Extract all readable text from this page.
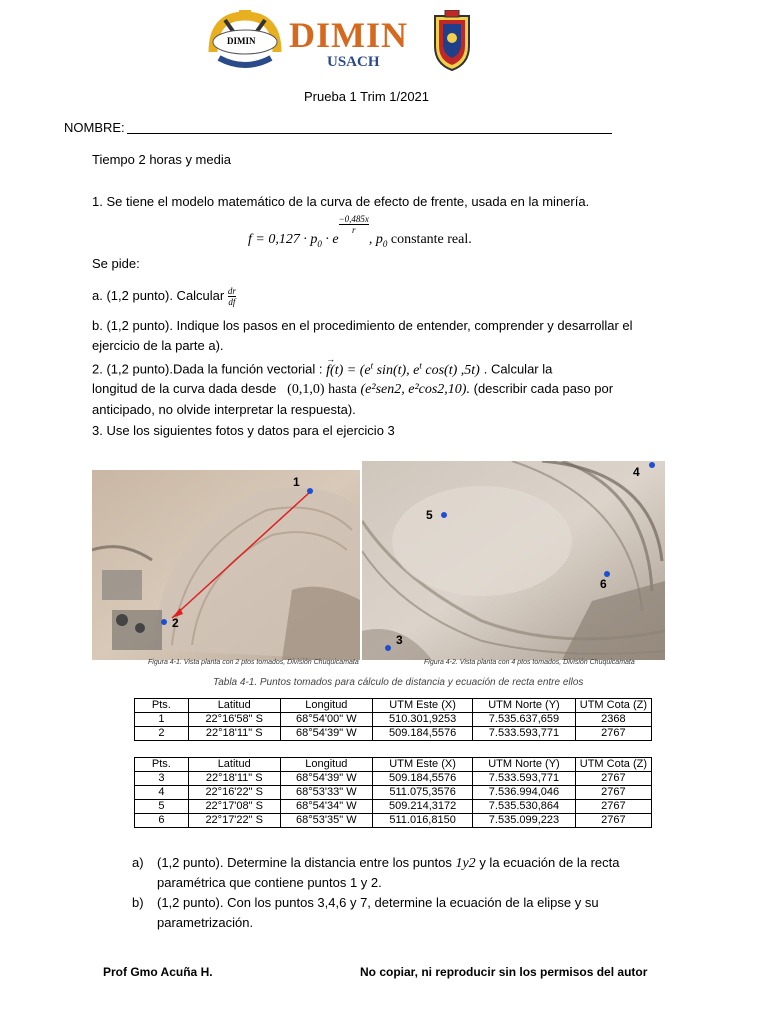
DIMIN DIMIN
USACH
Prueba 1 Trim 1/2021
NOMBRE:
Tiempo 2 horas y media
1. Se tiene el modelo matemático de la curva de efecto de frente, usada en la minería.
$f = 0,127 \cdot p_0 \cdot e$
$\frac{-0,485x}{r}$
, $p_0$ constante real.
Se pide:
a. (1,2 punto). Calcular $\frac{dr}{df}$
b. (1,2 punto). Indique los pasos en el procedimiento de entender, comprender y desarrollar el
ejercicio de la parte a).
2. (1,2 punto).Dada la función vectorial :
→
$f(t) = (e^t$ sin(t), $e^t$ cos(t) ,5t) . Calcular la
longitud de la curva dada desde (0,1,0) hasta (e²sen2, e²cos2,10). (describir cada paso por
anticipado, no olvide interpretar la respuesta).
3. Use los siguientes fotos y datos para el ejercicio 3
1
2
Figura 4-1. Vista planta con 2 ptos tomados, División Chuquicamata
4
5
6
3
Figura 4-2. Vista planta con 4 ptos tomados, División Chuquicamata
Tabla 4-1. Puntos tomados para cálculo de distancia y ecuación de recta entre ellos
Pts.	Latitud	Longitud	UTM Este (X)	UTM Norte (Y)	UTM Cota (Z)
1	22°16'58" S	68°54'00" W	510.301,9253	7.535.637,659	2368
2	22°18'11" S	68°54'39" W	509.184,5576	7.533.593,771	2767
Pts.	Latitud	Longitud	UTM Este (X)	UTM Norte (Y)	UTM Cota (Z)
3	22°18'11" S	68°54'39" W	509.184,5576	7.533.593,771	2767
4	22°16'22" S	68°53'33" W	511.075,3576	7.536.994,046	2767
5	22°17'08" S	68°54'34" W	509.214,3172	7.535.530,864	2767
6	22°17'22" S	68°53'35" W	511.016,8150	7.535.099,223	2767
a) (1,2 punto). Determine la distancia entre los puntos 1y2 y la ecuación de la recta
paramétrica que contiene puntos 1 y 2.
b) (1,2 punto). Con los puntos 3,4,6 y 7, determine la ecuación de la elipse y su
parametrización.
Prof Gmo Acuña H.	No copiar, ni reproducir sin los permisos del autor
